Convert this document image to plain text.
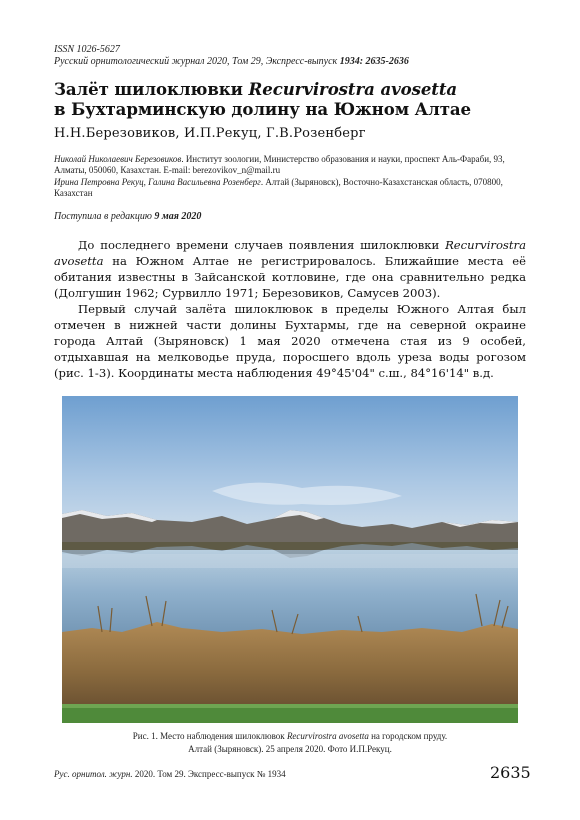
ISSN 1026-5627
Русский орнитологический журнал 2020, Том 29, Экспресс-выпуск 1934: 2635-2636
Залёт шилоклювки Recurvirostra avosetta
в Бухтарминскую долину на Южном Алтае
Н.Н.Березовиков, И.П.Рекуц, Г.В.Розенберг
Николай Николаевич Березовиков. Институт зоологии, Министерство образования и науки, проспект Аль-Фараби, 93, Алматы, 050060, Казахстан. E-mail: berezovikov_n@mail.ru
Ирина Петровна Рекуц, Галина Васильевна Розенберг. Алтай (Зыряновск), Восточно-Казахстанская область, 070800, Казахстан
Поступила в редакцию 9 мая 2020

До последнего времени случаев появления шилоклювки Recurvirostra avosetta на Южном Алтае не регистрировалось. Ближайшие места её обитания известны в Зайсанской котловине, где она сравнительно редка (Долгушин 1962; Сурвилло 1971; Березовиков, Самусев 2003).

Первый случай залёта шилоклювок в пределы Южного Алтая был отмечен в нижней части долины Бухтармы, где на северной окраине города Алтай (Зыряновск) 1 мая 2020 отмечена стая из 9 особей, отдыхавшая на мелководье пруда, поросшего вдоль уреза воды рогозом (рис. 1-3). Координаты места наблюдения 49°45'04" с.ш., 84°16'14" в.д.

Рис. 1. Место наблюдения шилоклювок Recurvirostra avosetta на городском пруду.
Алтай (Зыряновск). 25 апреля 2020. Фото И.П.Рекуц.
Рус. орнитол. журн. 2020. Том 29. Экспресс-выпуск № 1934	2635
